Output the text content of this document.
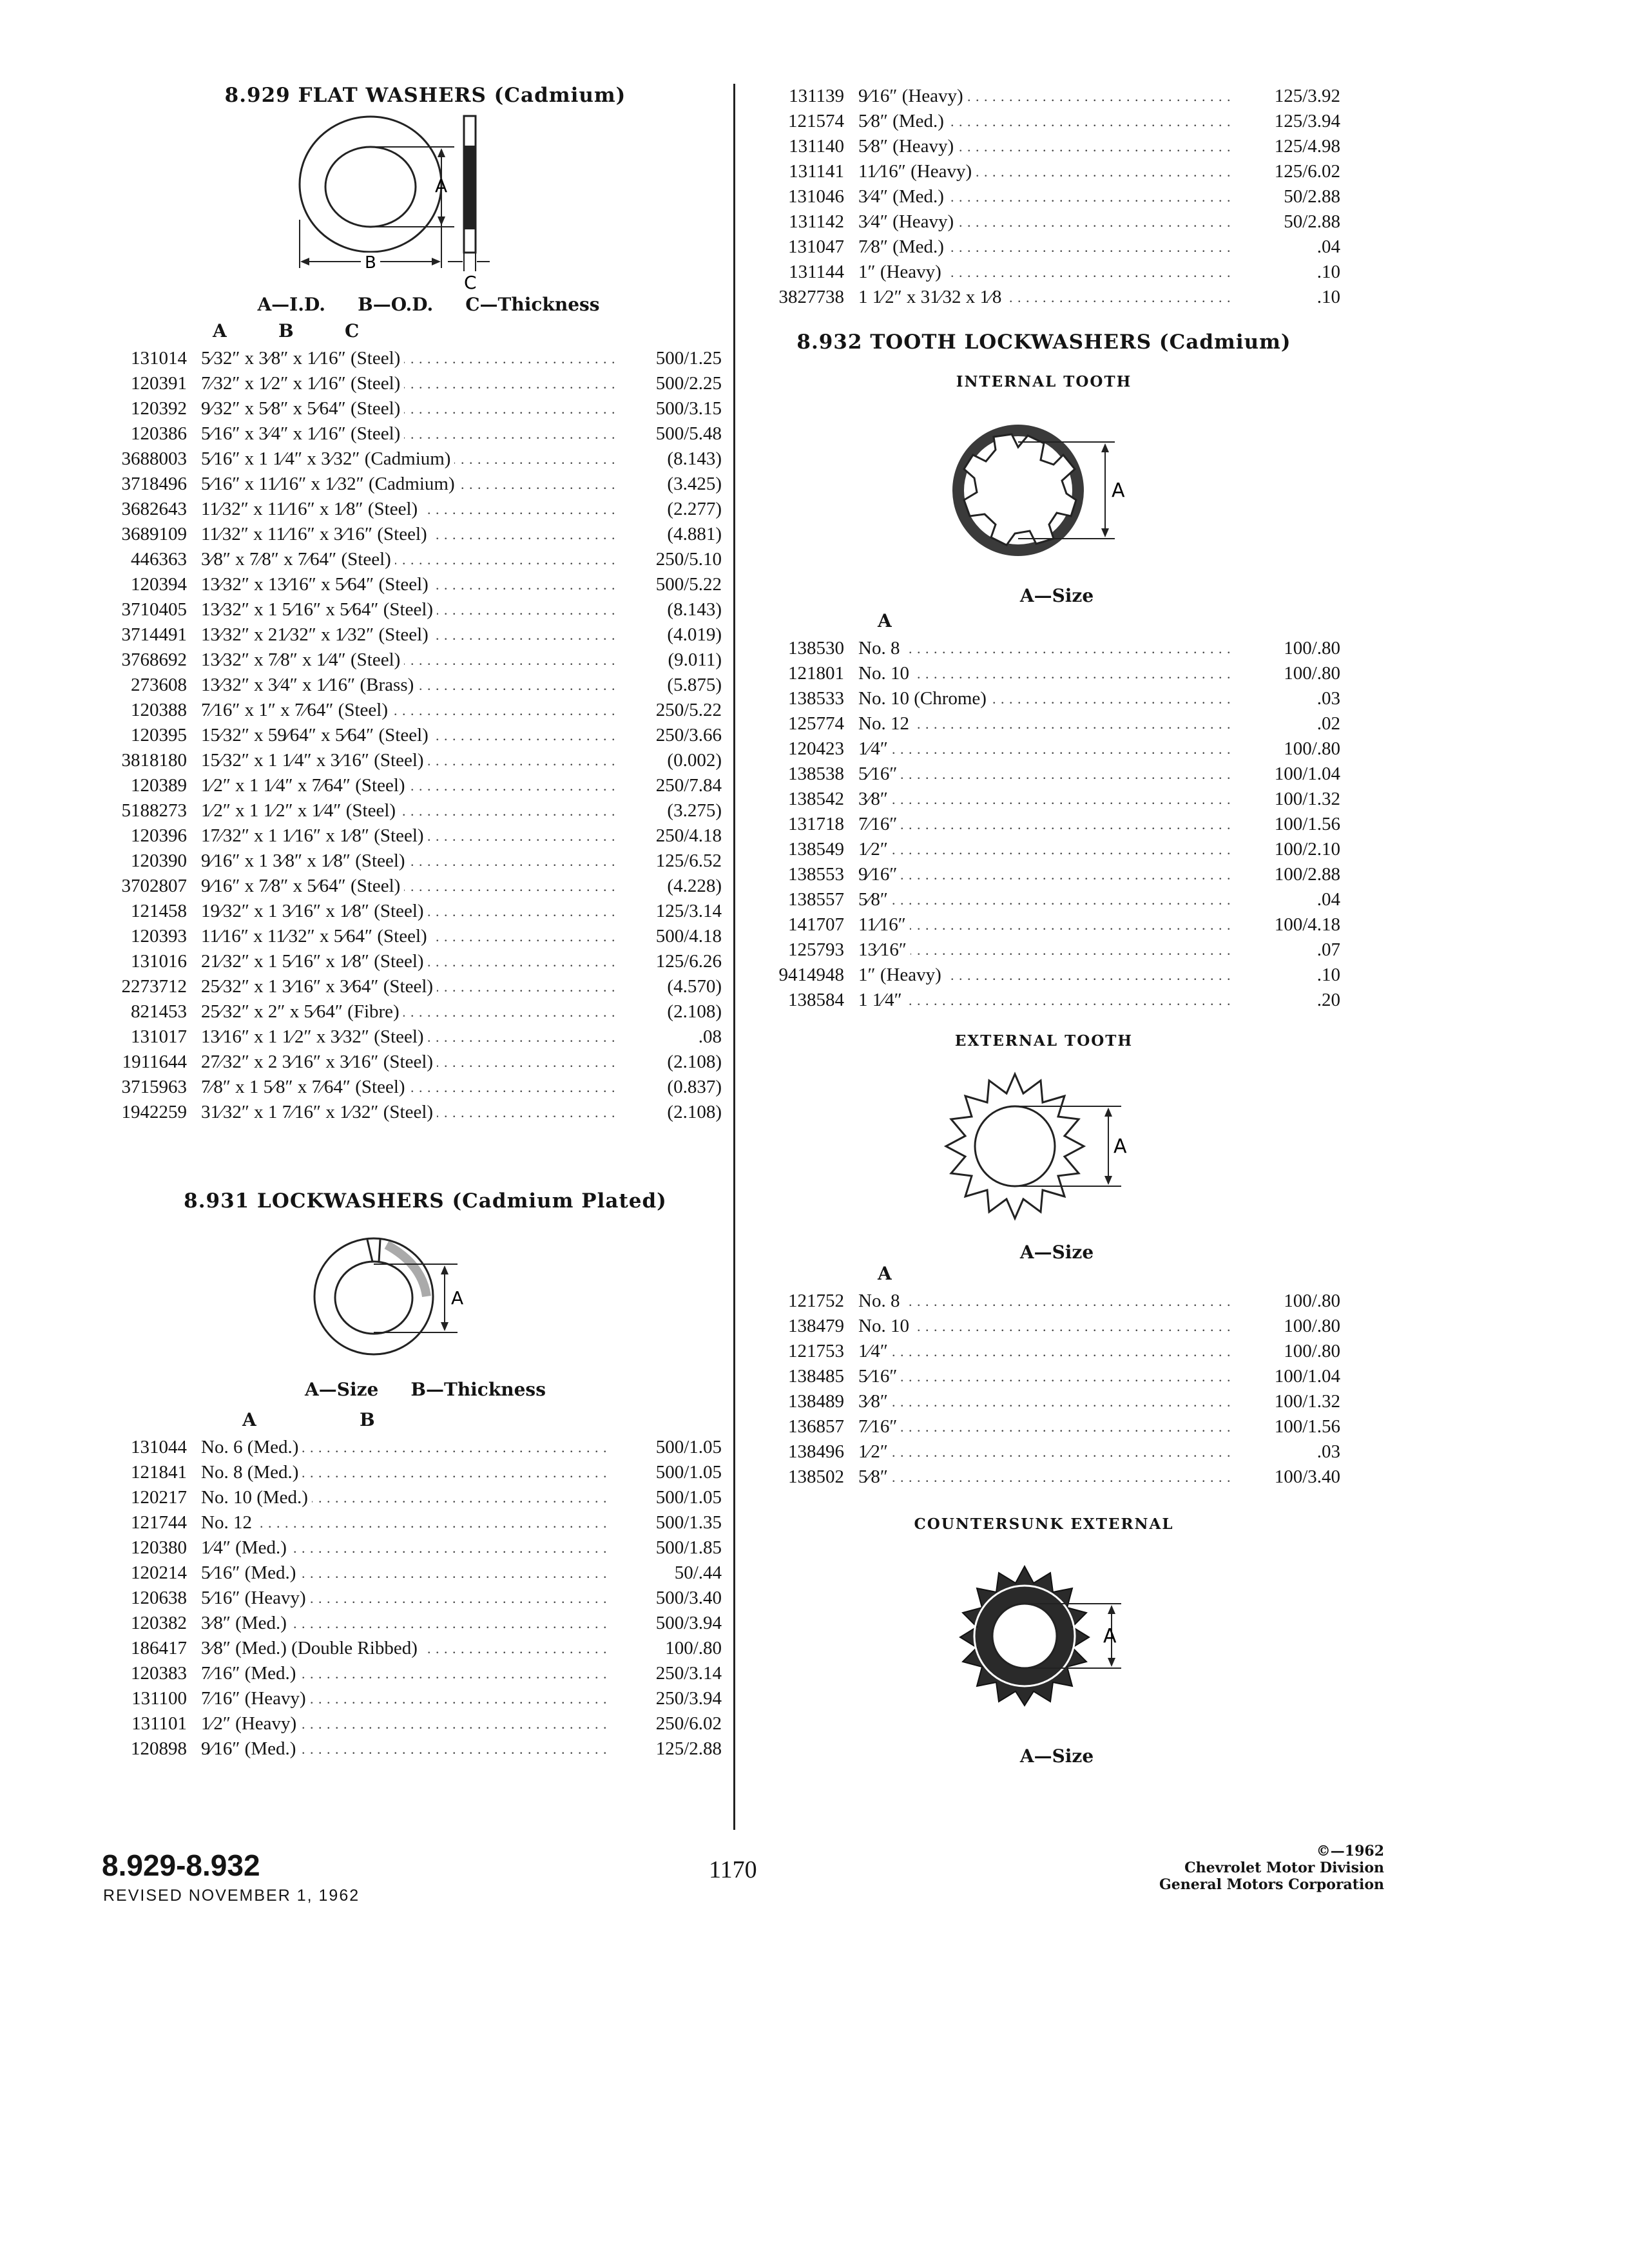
8.929 FLAT WASHERS (Cadmium)
A
B
C
A—I.D. B—O.D. C—Thickness
A	B	C
131014 5⁄32″ x 3⁄8″ x 1⁄16″ (Steel) . . .	500/1.25
120391 7⁄32″ x 1⁄2″ x 1⁄16″ (Steel) . . .	500/2.25
120392 9⁄32″ x 5⁄8″ x 5⁄64″ (Steel) . . .	500/3.15
120386 5⁄16″ x 3⁄4″ x 1⁄16″ (Steel) . . .	500/5.48
3688003 5⁄16″ x 1 1⁄4″ x 3⁄32″ (Cadmium) . . .	(8.143)
3718496 5⁄16″ x 11⁄16″ x 1⁄32″ (Cadmium) . . .	(3.425)
3682643 11⁄32″ x 11⁄16″ x 1⁄8″ (Steel) . . .	(2.277)
3689109 11⁄32″ x 11⁄16″ x 3⁄16″ (Steel) . . .	(4.881)
446363 3⁄8″ x 7⁄8″ x 7⁄64″ (Steel) . . .	250/5.10
120394 13⁄32″ x 13⁄16″ x 5⁄64″ (Steel) . . .	500/5.22
3710405 13⁄32″ x 1 5⁄16″ x 5⁄64″ (Steel) . . .	(8.143)
3714491 13⁄32″ x 21⁄32″ x 1⁄32″ (Steel) . . .	(4.019)
3768692 13⁄32″ x 7⁄8″ x 1⁄4″ (Steel) . . .	(9.011)
273608 13⁄32″ x 3⁄4″ x 1⁄16″ (Brass) . . .	(5.875)
120388 7⁄16″ x 1″ x 7⁄64″ (Steel) . . .	250/5.22
120395 15⁄32″ x 59⁄64″ x 5⁄64″ (Steel) . . .	250/3.66
3818180 15⁄32″ x 1 1⁄4″ x 3⁄16″ (Steel) . . .	(0.002)
120389 1⁄2″ x 1 1⁄4″ x 7⁄64″ (Steel) . . .	250/7.84
5188273 1⁄2″ x 1 1⁄2″ x 1⁄4″ (Steel) . . .	(3.275)
120396 17⁄32″ x 1 1⁄16″ x 1⁄8″ (Steel) . . .	250/4.18
120390 9⁄16″ x 1 3⁄8″ x 1⁄8″ (Steel) . . .	125/6.52
3702807 9⁄16″ x 7⁄8″ x 5⁄64″ (Steel) . . .	(4.228)
121458 19⁄32″ x 1 3⁄16″ x 1⁄8″ (Steel) . . .	125/3.14
120393 11⁄16″ x 11⁄32″ x 5⁄64″ (Steel) . . .	500/4.18
131016 21⁄32″ x 1 5⁄16″ x 1⁄8″ (Steel) . . .	125/6.26
2273712 25⁄32″ x 1 3⁄16″ x 3⁄64″ (Steel) . . .	(4.570)
821453 25⁄32″ x 2″ x 5⁄64″ (Fibre) . . .	(2.108)
131017 13⁄16″ x 1 1⁄2″ x 3⁄32″ (Steel) . . .	.08
1911644 27⁄32″ x 2 3⁄16″ x 3⁄16″ (Steel) . . .	(2.108)
3715963 7⁄8″ x 1 5⁄8″ x 7⁄64″ (Steel) . . .	(0.837)
1942259 31⁄32″ x 1 7⁄16″ x 1⁄32″ (Steel) . . .	(2.108)
8.931 LOCKWASHERS (Cadmium Plated)
A
A—Size B—Thickness
A	B
131044 No. 6 (Med.) . . .	500/1.05
121841 No. 8 (Med.) . . .	500/1.05
120217 No. 10 (Med.) . . .	500/1.05
121744 No. 12 . . .	500/1.35
120380 1⁄4″ (Med.) . . .	500/1.85
120214 5⁄16″ (Med.) . . .	50/.44
120638 5⁄16″ (Heavy) . . .	500/3.40
120382 3⁄8″ (Med.) . . .	500/3.94
186417 3⁄8″ (Med.) (Double Ribbed) . . .	100/.80
120383 7⁄16″ (Med.) . . .	250/3.14
131100 7⁄16″ (Heavy) . . .	250/3.94
131101 1⁄2″ (Heavy) . . .	250/6.02
120898 9⁄16″ (Med.) . . .	125/2.88
131139 9⁄16″ (Heavy) . . .	125/3.92
121574 5⁄8″ (Med.) . . .	125/3.94
131140 5⁄8″ (Heavy) . . .	125/4.98
131141 11⁄16″ (Heavy) . . .	125/6.02
131046 3⁄4″ (Med.) . . .	50/2.88
131142 3⁄4″ (Heavy) . . .	50/2.88
131047 7⁄8″ (Med.) . . .	.04
131144 1″ (Heavy) . . .	.10
3827738 1 1⁄2″ x 31⁄32 x 1⁄8 . . .	.10
8.932 TOOTH LOCKWASHERS (Cadmium)
INTERNAL TOOTH
A
A—Size
A
138530 No. 8 . . .	100/.80
121801 No. 10 . . .	100/.80
138533 No. 10 (Chrome) . . .	.03
125774 No. 12 . . .	.02
120423 1⁄4″ . . .	100/.80
138538 5⁄16″ . . .	100/1.04
138542 3⁄8″ . . .	100/1.32
131718 7⁄16″ . . .	100/1.56
138549 1⁄2″ . . .	100/2.10
138553 9⁄16″ . . .	100/2.88
138557 5⁄8″ . . .	.04
141707 11⁄16″ . . .	100/4.18
125793 13⁄16″ . . .	.07
9414948 1″ (Heavy) . . .	.10
138584 1 1⁄4″ . . .	.20
EXTERNAL TOOTH
A
A—Size
A
121752 No. 8 . . .	100/.80
138479 No. 10 . . .	100/.80
121753 1⁄4″ . . .	100/.80
138485 5⁄16″ . . .	100/1.04
138489 3⁄8″ . . .	100/1.32
136857 7⁄16″ . . .	100/1.56
138496 1⁄2″ . . .	.03
138502 5⁄8″ . . .	100/3.40
COUNTERSUNK EXTERNAL
A
A—Size
8.929-8.932
REVISED NOVEMBER 1, 1962
1170
©—1962
Chevrolet Motor Division
General Motors Corporation
